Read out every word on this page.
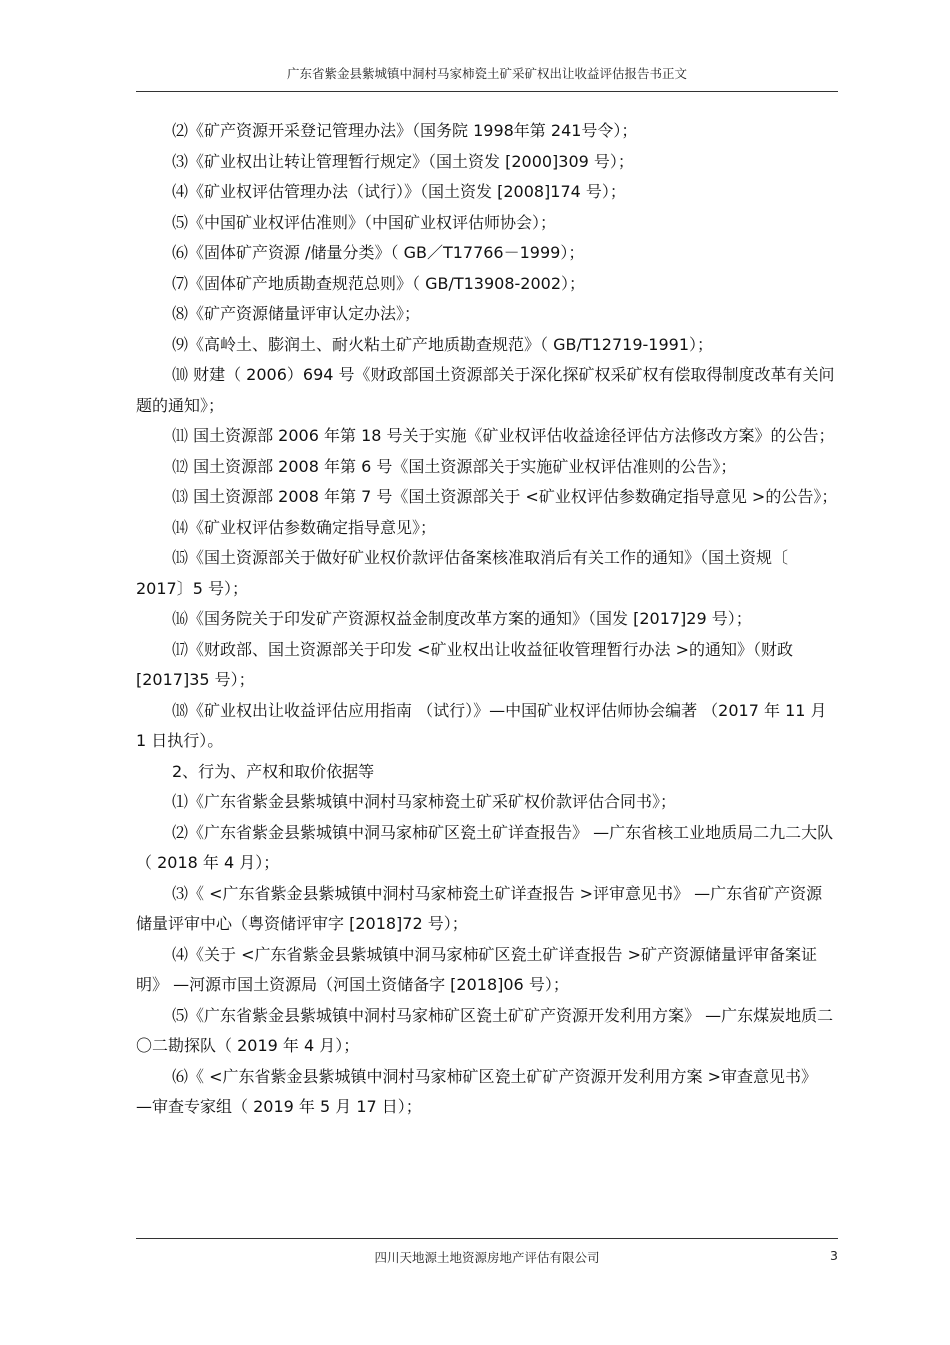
广东省紫金县紫城镇中洞村马家柿瓷土矿采矿权出让收益评估报告书正文

⑵《矿产资源开采登记管理办法》（国务院 1998年第 241号令）；

⑶《矿业权出让转让管理暂行规定》（国土资发 [2000]309 号）；

⑷《矿业权评估管理办法（试行）》（国土资发 [2008]174 号）；

⑸《中国矿业权评估准则》（中国矿业权评估师协会）；

⑹《固体矿产资源 /储量分类》（ GB／T17766－1999）；

⑺《固体矿产地质勘查规范总则》（ GB/T13908-2002）；

⑻《矿产资源储量评审认定办法》；

⑼《高岭土、膨润土、耐火粘土矿产地质勘查规范》（ GB/T12719-1991）；

⑽ 财建（ 2006）694 号《财政部国土资源部关于深化探矿权采矿权有偿取得制度改革有关问题的通知》；

⑾ 国土资源部 2006 年第 18 号关于实施《矿业权评估收益途径评估方法修改方案》的公告；

⑿ 国土资源部 2008 年第 6 号《国土资源部关于实施矿业权评估准则的公告》；

⒀ 国土资源部 2008 年第 7 号《国土资源部关于 <矿业权评估参数确定指导意见 >的公告》；

⒁《矿业权评估参数确定指导意见》；

⒂《国土资源部关于做好矿业权价款评估备案核准取消后有关工作的通知》（国土资规〔 2017〕5 号）；

⒃《国务院关于印发矿产资源权益金制度改革方案的通知》（国发 [2017]29 号）；

⒄《财政部、国土资源部关于印发 <矿业权出让收益征收管理暂行办法 >的通知》（财政 [2017]35 号）；

⒅《矿业权出让收益评估应用指南 （试行）》—中国矿业权评估师协会编著 （2017 年 11 月 1 日执行）。

2、行为、产权和取价依据等

⑴《广东省紫金县紫城镇中洞村马家柿瓷土矿采矿权价款评估合同书》；

⑵《广东省紫金县紫城镇中洞马家柿矿区瓷土矿详查报告》 —广东省核工业地质局二九二大队（ 2018 年 4 月）；

⑶《 <广东省紫金县紫城镇中洞村马家柿瓷土矿详查报告 >评审意见书》 —广东省矿产资源储量评审中心（粤资储评审字 [2018]72 号）；

⑷《关于 <广东省紫金县紫城镇中洞马家柿矿区瓷土矿详查报告 >矿产资源储量评审备案证明》 —河源市国土资源局（河国土资储备字 [2018]06 号）；

⑸《广东省紫金县紫城镇中洞村马家柿矿区瓷土矿矿产资源开发利用方案》 —广东煤炭地质二〇二勘探队（ 2019 年 4 月）；

⑹《 <广东省紫金县紫城镇中洞村马家柿矿区瓷土矿矿产资源开发利用方案 >审查意见书》 —审查专家组（ 2019 年 5 月 17 日）；

四川天地源土地资源房地产评估有限公司	3
